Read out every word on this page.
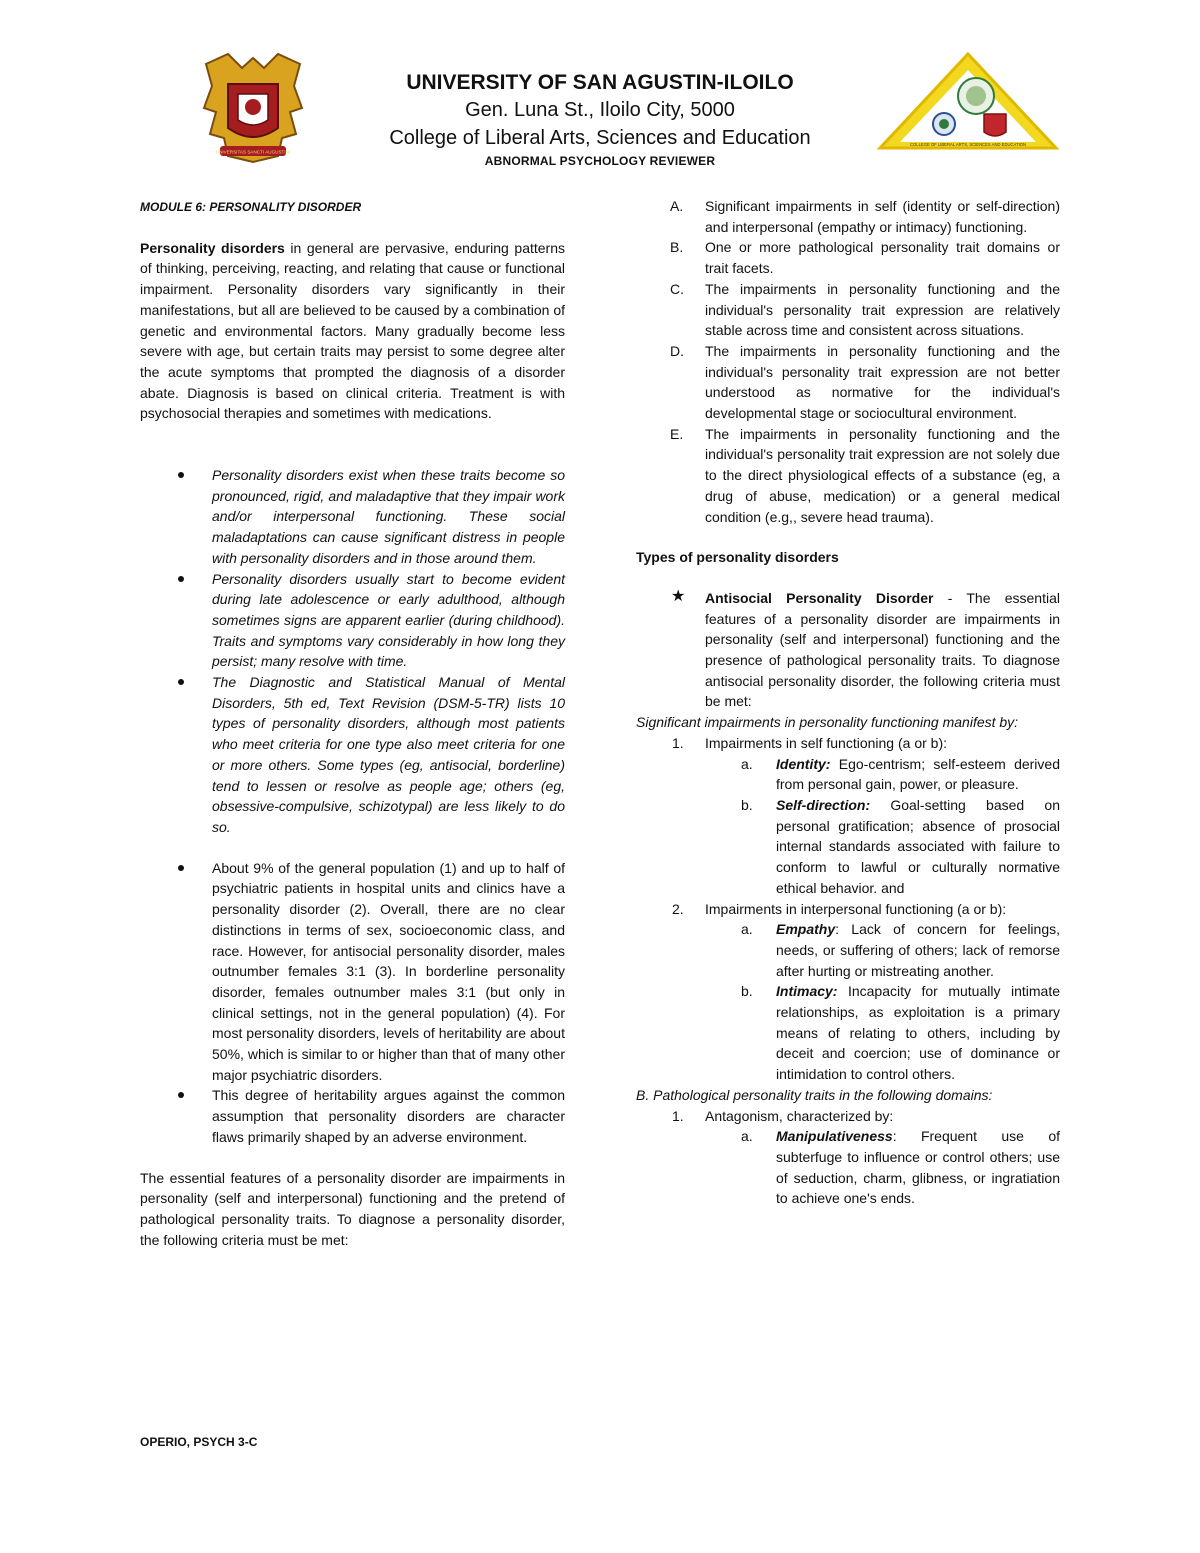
UNIVERSITAS SANCTI AUGUSTINI
COLLEGE OF LIBERAL ARTS, SCIENCES AND EDUCATION
UNIVERSITY OF SAN AGUSTIN-ILOILO
Gen. Luna St., Iloilo City, 5000
College of Liberal Arts, Sciences and Education
ABNORMAL PSYCHOLOGY REVIEWER

MODULE 6: PERSONALITY DISORDER

Personality disorders in general are pervasive, enduring patterns of thinking, perceiving, reacting, and relating that cause or functional impairment. Personality disorders vary significantly in their manifestations, but all are believed to be caused by a combination of genetic and environmental factors. Many gradually become less severe with age, but certain traits may persist to some degree alter the acute symptoms that prompted the diagnosis of a disorder abate. Diagnosis is based on clinical criteria. Treatment is with psychosocial therapies and sometimes with medications.

Personality disorders exist when these traits become so pronounced, rigid, and maladaptive that they impair work and/or interpersonal functioning. These social maladaptations can cause significant distress in people with personality disorders and in those around them.
Personality disorders usually start to become evident during late adolescence or early adulthood, although sometimes signs are apparent earlier (during childhood). Traits and symptoms vary considerably in how long they persist; many resolve with time.
The Diagnostic and Statistical Manual of Mental Disorders, 5th ed, Text Revision (DSM-5-TR) lists 10 types of personality disorders, although most patients who meet criteria for one type also meet criteria for one or more others. Some types (eg, antisocial, borderline) tend to lessen or resolve as people age; others (eg, obsessive-compulsive, schizotypal) are less likely to do so.
About 9% of the general population (1) and up to half of psychiatric patients in hospital units and clinics have a personality disorder (2). Overall, there are no clear distinctions in terms of sex, socioeconomic class, and race. However, for antisocial personality disorder, males outnumber females 3:1 (3). In borderline personality disorder, females outnumber males 3:1 (but only in clinical settings, not in the general population) (4). For most personality disorders, levels of heritability are about 50%, which is similar to or higher than that of many other major psychiatric disorders.
This degree of heritability argues against the common assumption that personality disorders are character flaws primarily shaped by an adverse environment.

The essential features of a personality disorder are impairments in personality (self and interpersonal) functioning and the pretend of pathological personality traits. To diagnose a personality disorder, the following criteria must be met:

A. Significant impairments in self (identity or self-direction) and interpersonal (empathy or intimacy) functioning.
B. One or more pathological personality trait domains or trait facets.
C. The impairments in personality functioning and the individual's personality trait expression are relatively stable across time and consistent across situations.
D. The impairments in personality functioning and the individual's personality trait expression are not better understood as normative for the individual's developmental stage or sociocultural environment.
E. The impairments in personality functioning and the individual's personality trait expression are not solely due to the direct physiological effects of a substance (eg, a drug of abuse, medication) or a general medical condition (e.g,, severe head trauma).

Types of personality disorders

★ Antisocial Personality Disorder - The essential features of a personality disorder are impairments in personality (self and interpersonal) functioning and the presence of pathological personality traits. To diagnose antisocial personality disorder, the following criteria must be met:

Significant impairments in personality functioning manifest by:

1. Impairments in self functioning (a or b):
a. Identity: Ego-centrism; self-esteem derived from personal gain, power, or pleasure.
b. Self-direction: Goal-setting based on personal gratification; absence of prosocial internal standards associated with failure to conform to lawful or culturally normative ethical behavior. and
2. Impairments in interpersonal functioning (a or b):
a. Empathy: Lack of concern for feelings, needs, or suffering of others; lack of remorse after hurting or mistreating another.
b. Intimacy: Incapacity for mutually intimate relationships, as exploitation is a primary means of relating to others, including by deceit and coercion; use of dominance or intimidation to control others.

B. Pathological personality traits in the following domains:

1. Antagonism, characterized by:
a. Manipulativeness: Frequent use of subterfuge to influence or control others; use of seduction, charm, glibness, or ingratiation to achieve one's ends.
OPERIO, PSYCH 3-C
